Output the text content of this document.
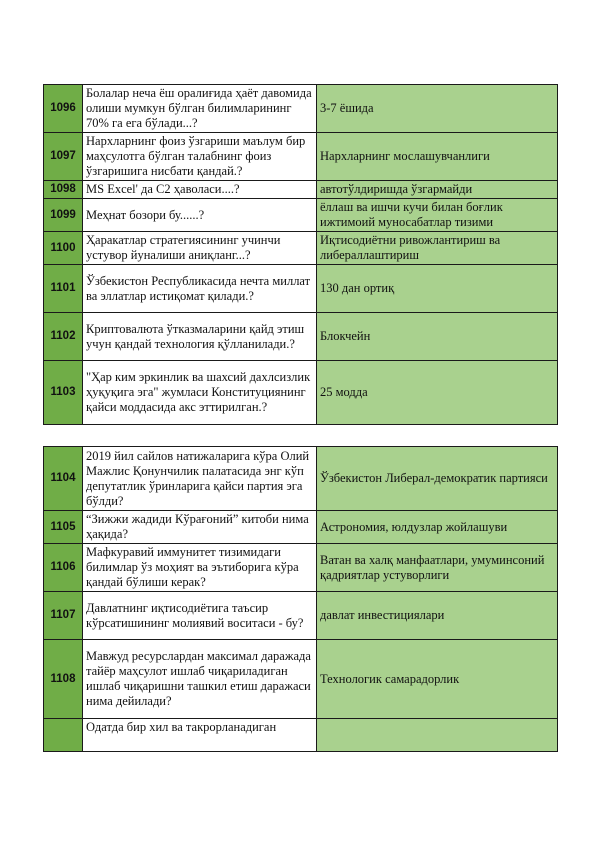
1096	Болалар неча ёш оралиғида ҳаёт давомида олиши мумкун бўлган билимларининг 70% га ега бўлади...?	3-7 ёшида
1097	Нархларнинг фоиз ўзгариши маълум бир маҳсулотга бўлган талабнинг фоиз ўзгаришига нисбати қандай.?	Нархларнинг мослашувчанлиги
1098	MS Excel' да C2 ҳаволаси....?	автотўлдиришда ўзгармайди
1099	Меҳнат бозори бу......?	ёллаш ва ишчи кучи билан боғлик ижтимоий муносабатлар тизими
1100	Ҳаракатлар стратегиясининг учинчи устувор йуналиши аниқланг...?	Иқтисодиётни ривожлантириш ва либераллаштириш
1101	Ўзбекистон Республикасида нечта миллат ва эллатлар истиқомат қилади.?	130 дан ортиқ
1102	Криптовалюта ўтказмаларини қайд этиш учун қандай технология қўлланилади.?	Блокчейн
1103	"Ҳар ким эркинлик ва шахсий дахлсизлик ҳуқуқига эга" жумласи Конституциянинг қайси моддасида акс эттирилган.?	25 модда
1104	2019 йил сайлов натижаларига кўра Олий Мажлис Қонунчилик палатасида энг кўп депутатлик ўринларига қайси партия эга бўлди?	Ўзбекистон Либерал-демократик партияси
1105	“Зижжи жадиди Кўрағоний” китоби нима ҳақида?	Астрономия, юлдузлар жойлашуви
1106	Мафкуравий иммунитет тизимидаги билимлар ўз моҳият ва эътиборига кўра қандай бўлиши керак?	Ватан ва халқ манфаатлари, умуминсоний қадриятлар устуворлиги
1107	Давлатнинг иқтисодиётига таъсир кўрсатишининг молиявий воситаси - бу?	давлат инвестициялари
1108	Мавжуд ресурслардан максимал даражада тайёр маҳсулот ишлаб чиқариладиган ишлаб чиқаришни ташкил етиш даражаси нима дейилади?	Технологик самарадорлик
	Одатда бир хил ва такрорланадиган	
